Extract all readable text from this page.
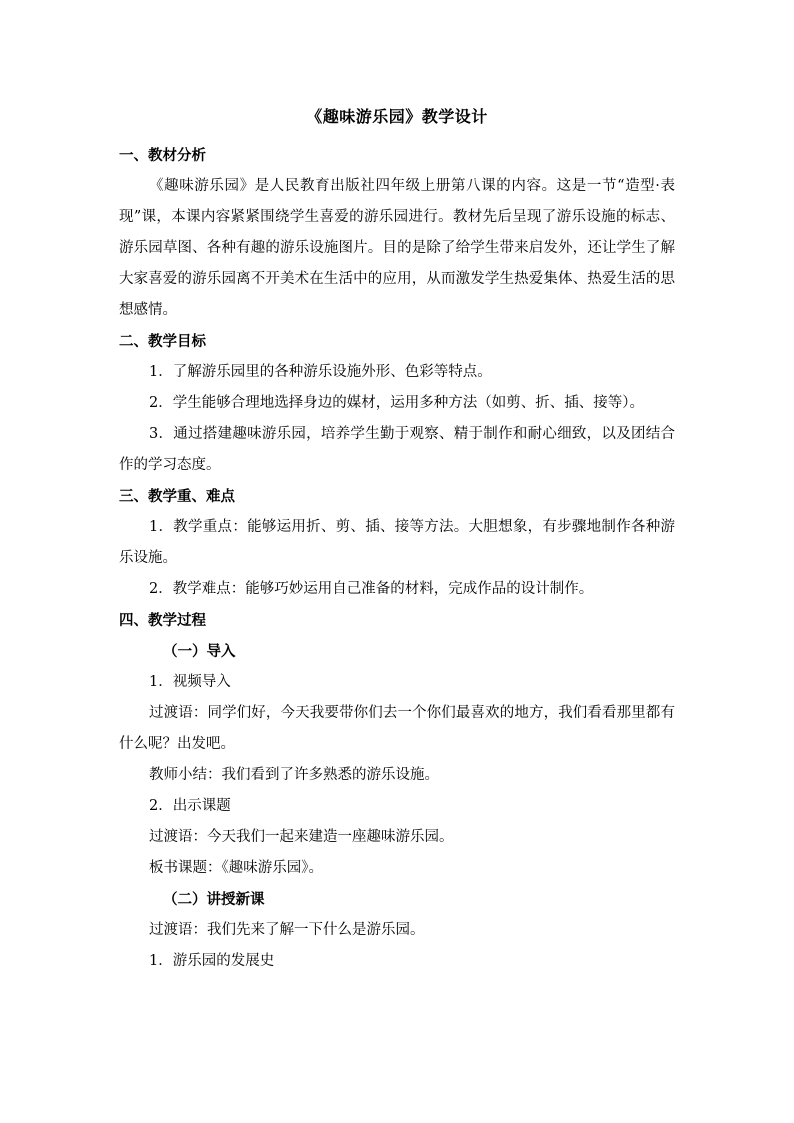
《趣味游乐园》教学设计

一、教材分析

《趣味游乐园》是人民教育出版社四年级上册第八课的内容。这是一节“造型·表现”课，本课内容紧紧围绕学生喜爱的游乐园进行。教材先后呈现了游乐设施的标志、游乐园草图、各种有趣的游乐设施图片。目的是除了给学生带来启发外，还让学生了解大家喜爱的游乐园离不开美术在生活中的应用，从而激发学生热爱集体、热爱生活的思想感情。

二、教学目标

1．了解游乐园里的各种游乐设施外形、色彩等特点。

2．学生能够合理地选择身边的媒材，运用多种方法（如剪、折、插、接等）。

3．通过搭建趣味游乐园，培养学生勤于观察、精于制作和耐心细致，以及团结合作的学习态度。

三、教学重、难点

1．教学重点：能够运用折、剪、插、接等方法。大胆想象，有步骤地制作各种游乐设施。

2．教学难点：能够巧妙运用自己准备的材料，完成作品的设计制作。

四、教学过程

（一）导入

1．视频导入

过渡语：同学们好，今天我要带你们去一个你们最喜欢的地方，我们看看那里都有什么呢？出发吧。

教师小结：我们看到了许多熟悉的游乐设施。

2．出示课题

过渡语：今天我们一起来建造一座趣味游乐园。

板书课题：《趣味游乐园》。

（二）讲授新课

过渡语：我们先来了解一下什么是游乐园。

1．游乐园的发展史
